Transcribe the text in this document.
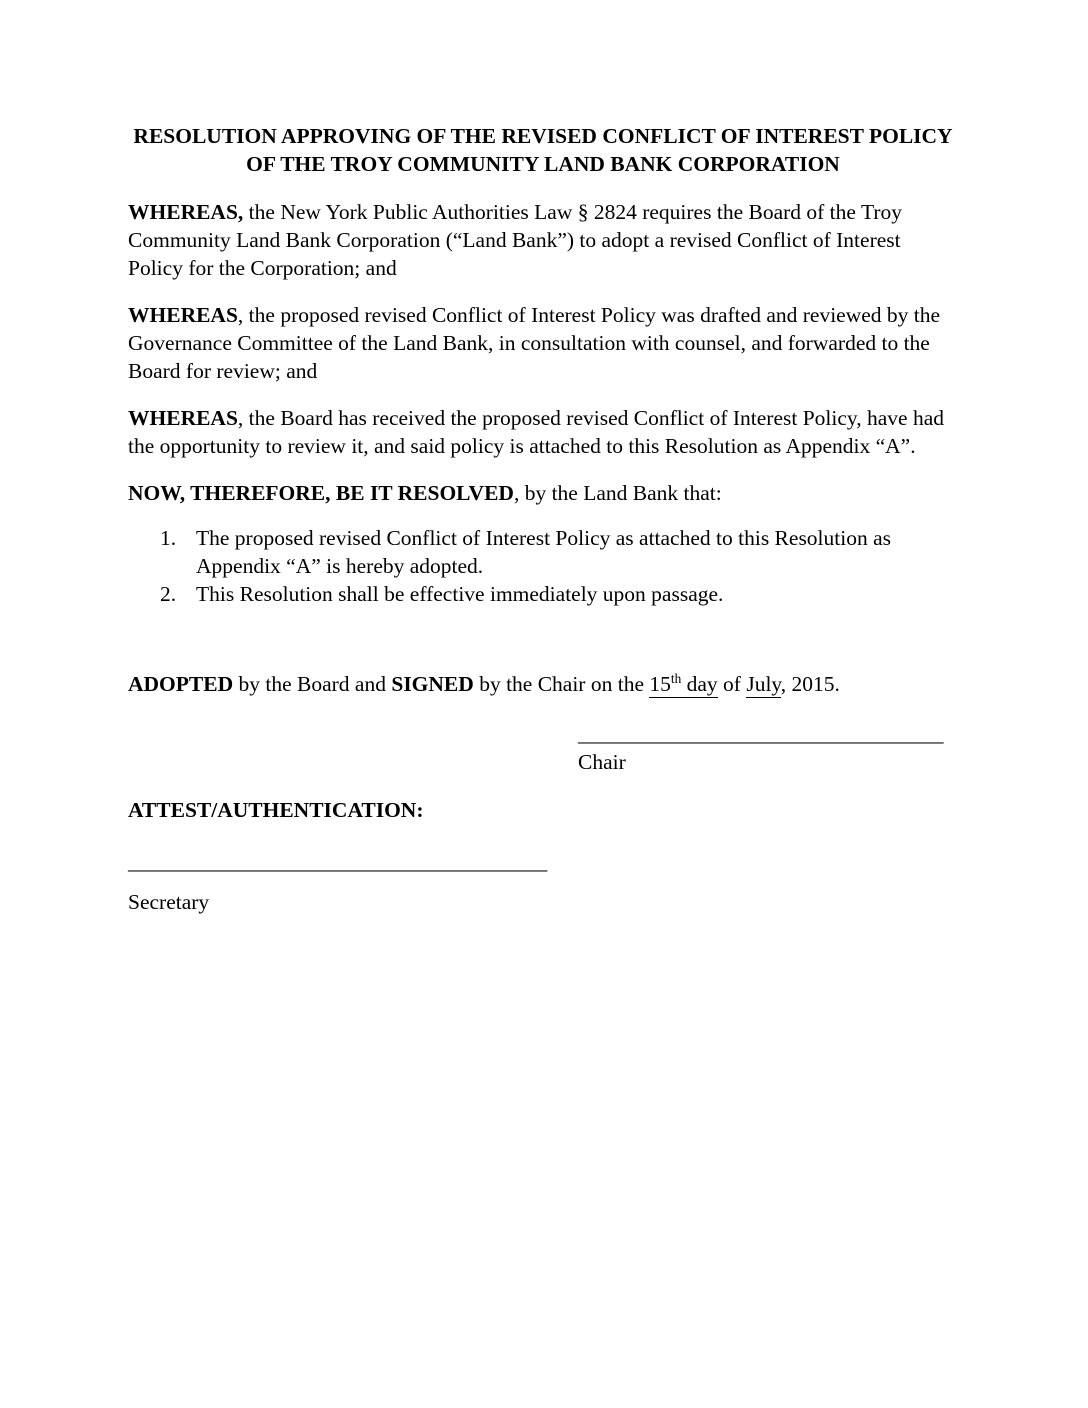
RESOLUTION APPROVING OF THE REVISED CONFLICT OF INTEREST POLICY
OF THE TROY COMMUNITY LAND BANK CORPORATION

WHEREAS, the New York Public Authorities Law § 2824 requires the Board of the Troy Community Land Bank Corporation (“Land Bank”) to adopt a revised Conflict of Interest Policy for the Corporation; and

WHEREAS, the proposed revised Conflict of Interest Policy was drafted and reviewed by the Governance Committee of the Land Bank, in consultation with counsel, and forwarded to the Board for review; and

WHEREAS, the Board has received the proposed revised Conflict of Interest Policy, have had the opportunity to review it, and said policy is attached to this Resolution as Appendix “A”.

NOW, THEREFORE, BE IT RESOLVED, by the Land Bank that:

1. The proposed revised Conflict of Interest Policy as attached to this Resolution as Appendix “A” is hereby adopted.
2. This Resolution shall be effective immediately upon passage.

ADOPTED by the Board and SIGNED by the Chair on the 15th day of July, 2015.

__________________________________
Chair

ATTEST/AUTHENTICATION:

_______________________________________
Secretary
